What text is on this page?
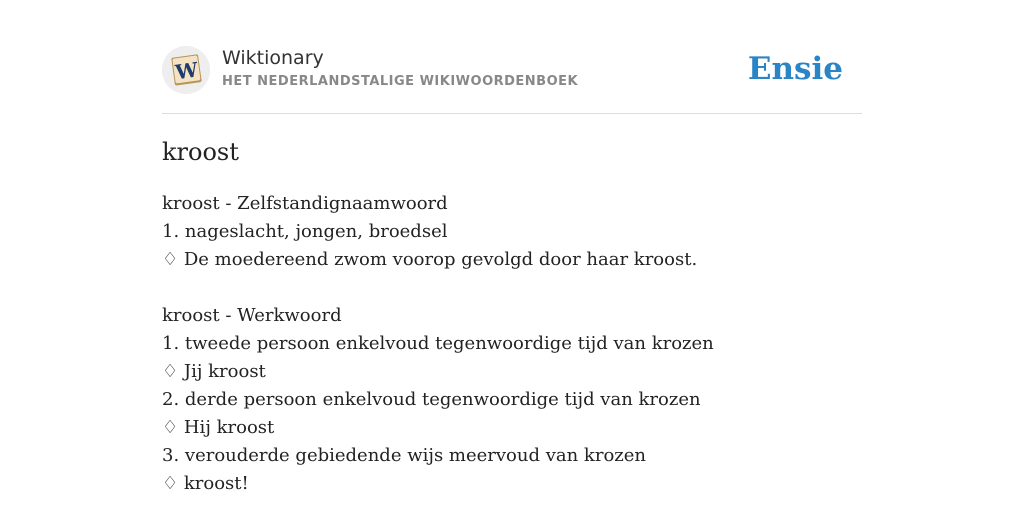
W Wiktionary
HET NEDERLANDSTALIGE WIKIWOORDENBOEK	Ensie
kroost
kroost - Zelfstandignaamwoord
1. nageslacht, jongen, broedsel
♢ De moedereend zwom voorop gevolgd door haar kroost.
kroost - Werkwoord
1. tweede persoon enkelvoud tegenwoordige tijd van krozen
♢ Jij kroost
2. derde persoon enkelvoud tegenwoordige tijd van krozen
♢ Hij kroost
3. verouderde gebiedende wijs meervoud van krozen
♢ kroost!
